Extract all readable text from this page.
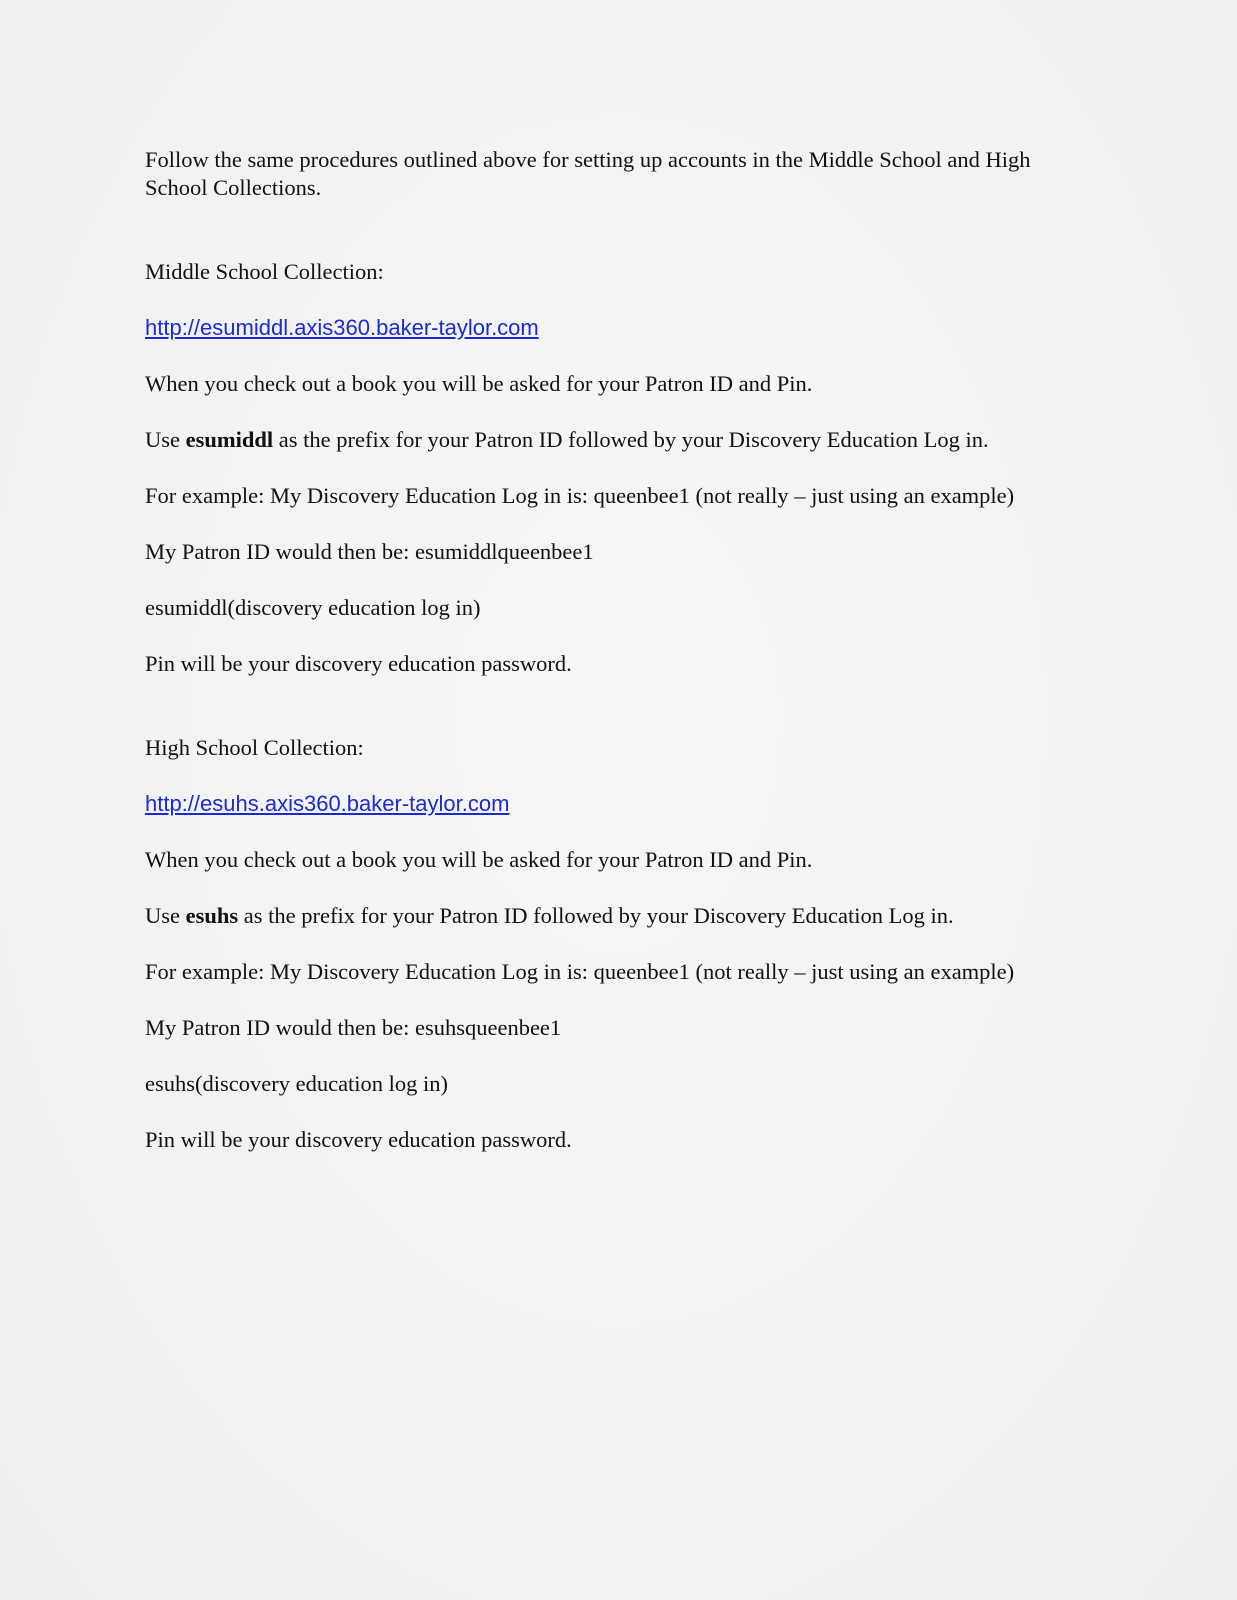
Follow the same procedures outlined above for setting up accounts in the Middle School and High School Collections.

Middle School Collection:

http://esumiddl.axis360.baker-taylor.com

When you check out a book you will be asked for your Patron ID and Pin.

Use esumiddl as the prefix for your Patron ID followed by your Discovery Education Log in.

For example: My Discovery Education Log in is: queenbee1 (not really – just using an example)

My Patron ID would then be: esumiddlqueenbee1

esumiddl(discovery education log in)

Pin will be your discovery education password.

High School Collection:

http://esuhs.axis360.baker-taylor.com

When you check out a book you will be asked for your Patron ID and Pin.

Use esuhs as the prefix for your Patron ID followed by your Discovery Education Log in.

For example: My Discovery Education Log in is: queenbee1 (not really – just using an example)

My Patron ID would then be: esuhsqueenbee1

esuhs(discovery education log in)

Pin will be your discovery education password.
